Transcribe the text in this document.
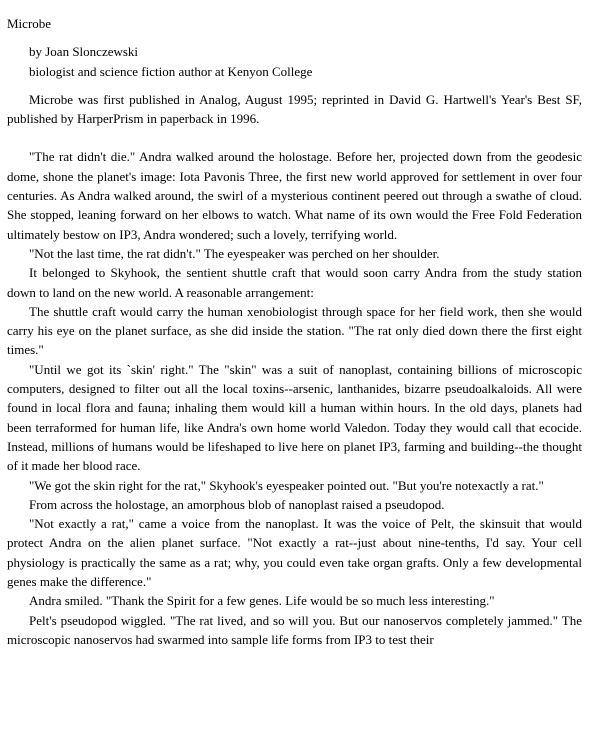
Microbe
by Joan Slonczewski
biologist and science fiction author at Kenyon College

Microbe was first published in Analog, August 1995; reprinted in David G. Hartwell's Year's Best SF, published by HarperPrism in paperback in 1996.

"The rat didn't die." Andra walked around the holostage. Before her, projected down from the geodesic dome, shone the planet's image: Iota Pavonis Three, the first new world approved for settlement in over four centuries. As Andra walked around, the swirl of a mysterious continent peered out through a swathe of cloud. She stopped, leaning forward on her elbows to watch. What name of its own would the Free Fold Federation ultimately bestow on IP3, Andra wondered; such a lovely, terrifying world.

"Not the last time, the rat didn't." The eyespeaker was perched on her shoulder.

It belonged to Skyhook, the sentient shuttle craft that would soon carry Andra from the study station down to land on the new world. A reasonable arrangement:

The shuttle craft would carry the human xenobiologist through space for her field work, then she would carry his eye on the planet surface, as she did inside the station. "The rat only died down there the first eight times."

"Until we got its `skin' right." The "skin" was a suit of nanoplast, containing billions of microscopic computers, designed to filter out all the local toxins--arsenic, lanthanides, bizarre pseudoalkaloids. All were found in local flora and fauna; inhaling them would kill a human within hours. In the old days, planets had been terraformed for human life, like Andra's own home world Valedon. Today they would call that ecocide. Instead, millions of humans would be lifeshaped to live here on planet IP3, farming and building--the thought of it made her blood race.

"We got the skin right for the rat," Skyhook's eyespeaker pointed out. "But you're notexactly a rat."

From across the holostage, an amorphous blob of nanoplast raised a pseudopod.

"Not exactly a rat," came a voice from the nanoplast. It was the voice of Pelt, the skinsuit that would protect Andra on the alien planet surface. "Not exactly a rat--just about nine-tenths, I'd say. Your cell physiology is practically the same as a rat; why, you could even take organ grafts. Only a few developmental genes make the difference."

Andra smiled. "Thank the Spirit for a few genes. Life would be so much less interesting."

Pelt's pseudopod wiggled. "The rat lived, and so will you. But our nanoservos completely jammed." The microscopic nanoservos had swarmed into sample life forms from IP3 to test their
